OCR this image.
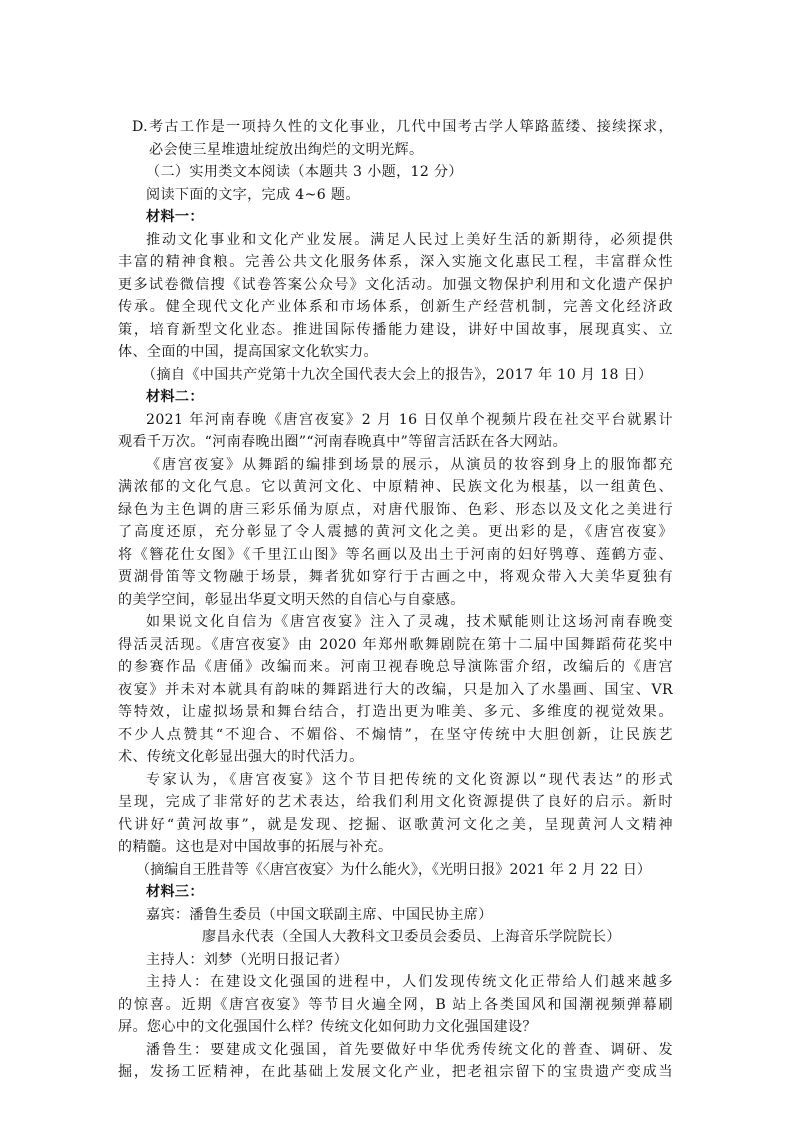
D.考古工作是一项持久性的文化事业，几代中国考古学人筚路蓝缕、接续探求，
必会使三星堆遗址绽放出绚烂的文明光辉。
（二）实用类文本阅读（本题共 3 小题，12 分）
阅读下面的文字，完成 4~6 题。
材料一：
推动文化事业和文化产业发展。满足人民过上美好生活的新期待，必须提供
丰富的精神食粮。完善公共文化服务体系，深入实施文化惠民工程，丰富群众性
更多试卷微信搜《试卷答案公众号》文化活动。加强文物保护利用和文化遗产保护
传承。健全现代文化产业体系和市场体系，创新生产经营机制，完善文化经济政
策，培育新型文化业态。推进国际传播能力建设，讲好中国故事，展现真实、立
体、全面的中国，提高国家文化软实力。
（摘自《中国共产党第十九次全国代表大会上的报告》，2017 年 10 月 18 日）
材料二：
2021 年河南春晚《唐宫夜宴》2 月 16 日仅单个视频片段在社交平台就累计
观看千万次。“河南春晚出圈”“河南春晚真中”等留言活跃在各大网站。
《唐宫夜宴》从舞蹈的编排到场景的展示，从演员的妆容到身上的服饰都充
满浓郁的文化气息。它以黄河文化、中原精神、民族文化为根基，以一组黄色、
绿色为主色调的唐三彩乐俑为原点，对唐代服饰、色彩、形态以及文化之美进行
了高度还原，充分彰显了令人震撼的黄河文化之美。更出彩的是，《唐宫夜宴》
将《簪花仕女图》《千里江山图》等名画以及出土于河南的妇好鸮尊、莲鹤方壶、
贾湖骨笛等文物融于场景，舞者犹如穿行于古画之中，将观众带入大美华夏独有
的美学空间，彰显出华夏文明天然的自信心与自豪感。
如果说文化自信为《唐宫夜宴》注入了灵魂，技术赋能则让这场河南春晚变
得活灵活现。《唐宫夜宴》由 2020 年郑州歌舞剧院在第十二届中国舞蹈荷花奖中
的参赛作品《唐俑》改编而来。河南卫视春晚总导演陈雷介绍，改编后的《唐宫
夜宴》并未对本就具有韵味的舞蹈进行大的改编，只是加入了水墨画、国宝、VR
等特效，让虚拟场景和舞台结合，打造出更为唯美、多元、多维度的视觉效果。
不少人点赞其“不迎合、不媚俗、不煽情”，在坚守传统中大胆创新，让民族艺
术、传统文化彰显出强大的时代活力。
专家认为，《唐宫夜宴》这个节目把传统的文化资源以“现代表达”的形式
呈现，完成了非常好的艺术表达，给我们利用文化资源提供了良好的启示。新时
代讲好“黄河故事”，就是发现、挖掘、讴歌黄河文化之美，呈现黄河人文精神
的精髓。这也是对中国故事的拓展与补充。
（摘编自王胜昔等《〈唐宫夜宴〉为什么能火》，《光明日报》2021 年 2 月 22 日）
材料三：
嘉宾：潘鲁生委员（中国文联副主席、中国民协主席）
廖昌永代表（全国人大教科文卫委员会委员、上海音乐学院院长）
主持人：刘梦（光明日报记者）
主持人：在建设文化强国的进程中，人们发现传统文化正带给人们越来越多
的惊喜。近期《唐宫夜宴》等节目火遍全网，B 站上各类国风和国潮视频弹幕刷
屏。您心中的文化强国什么样？传统文化如何助力文化强国建设？
潘鲁生：要建成文化强国，首先要做好中华优秀传统文化的普查、调研、发
掘，发扬工匠精神，在此基础上发展文化产业，把老祖宗留下的宝贵遗产变成当
